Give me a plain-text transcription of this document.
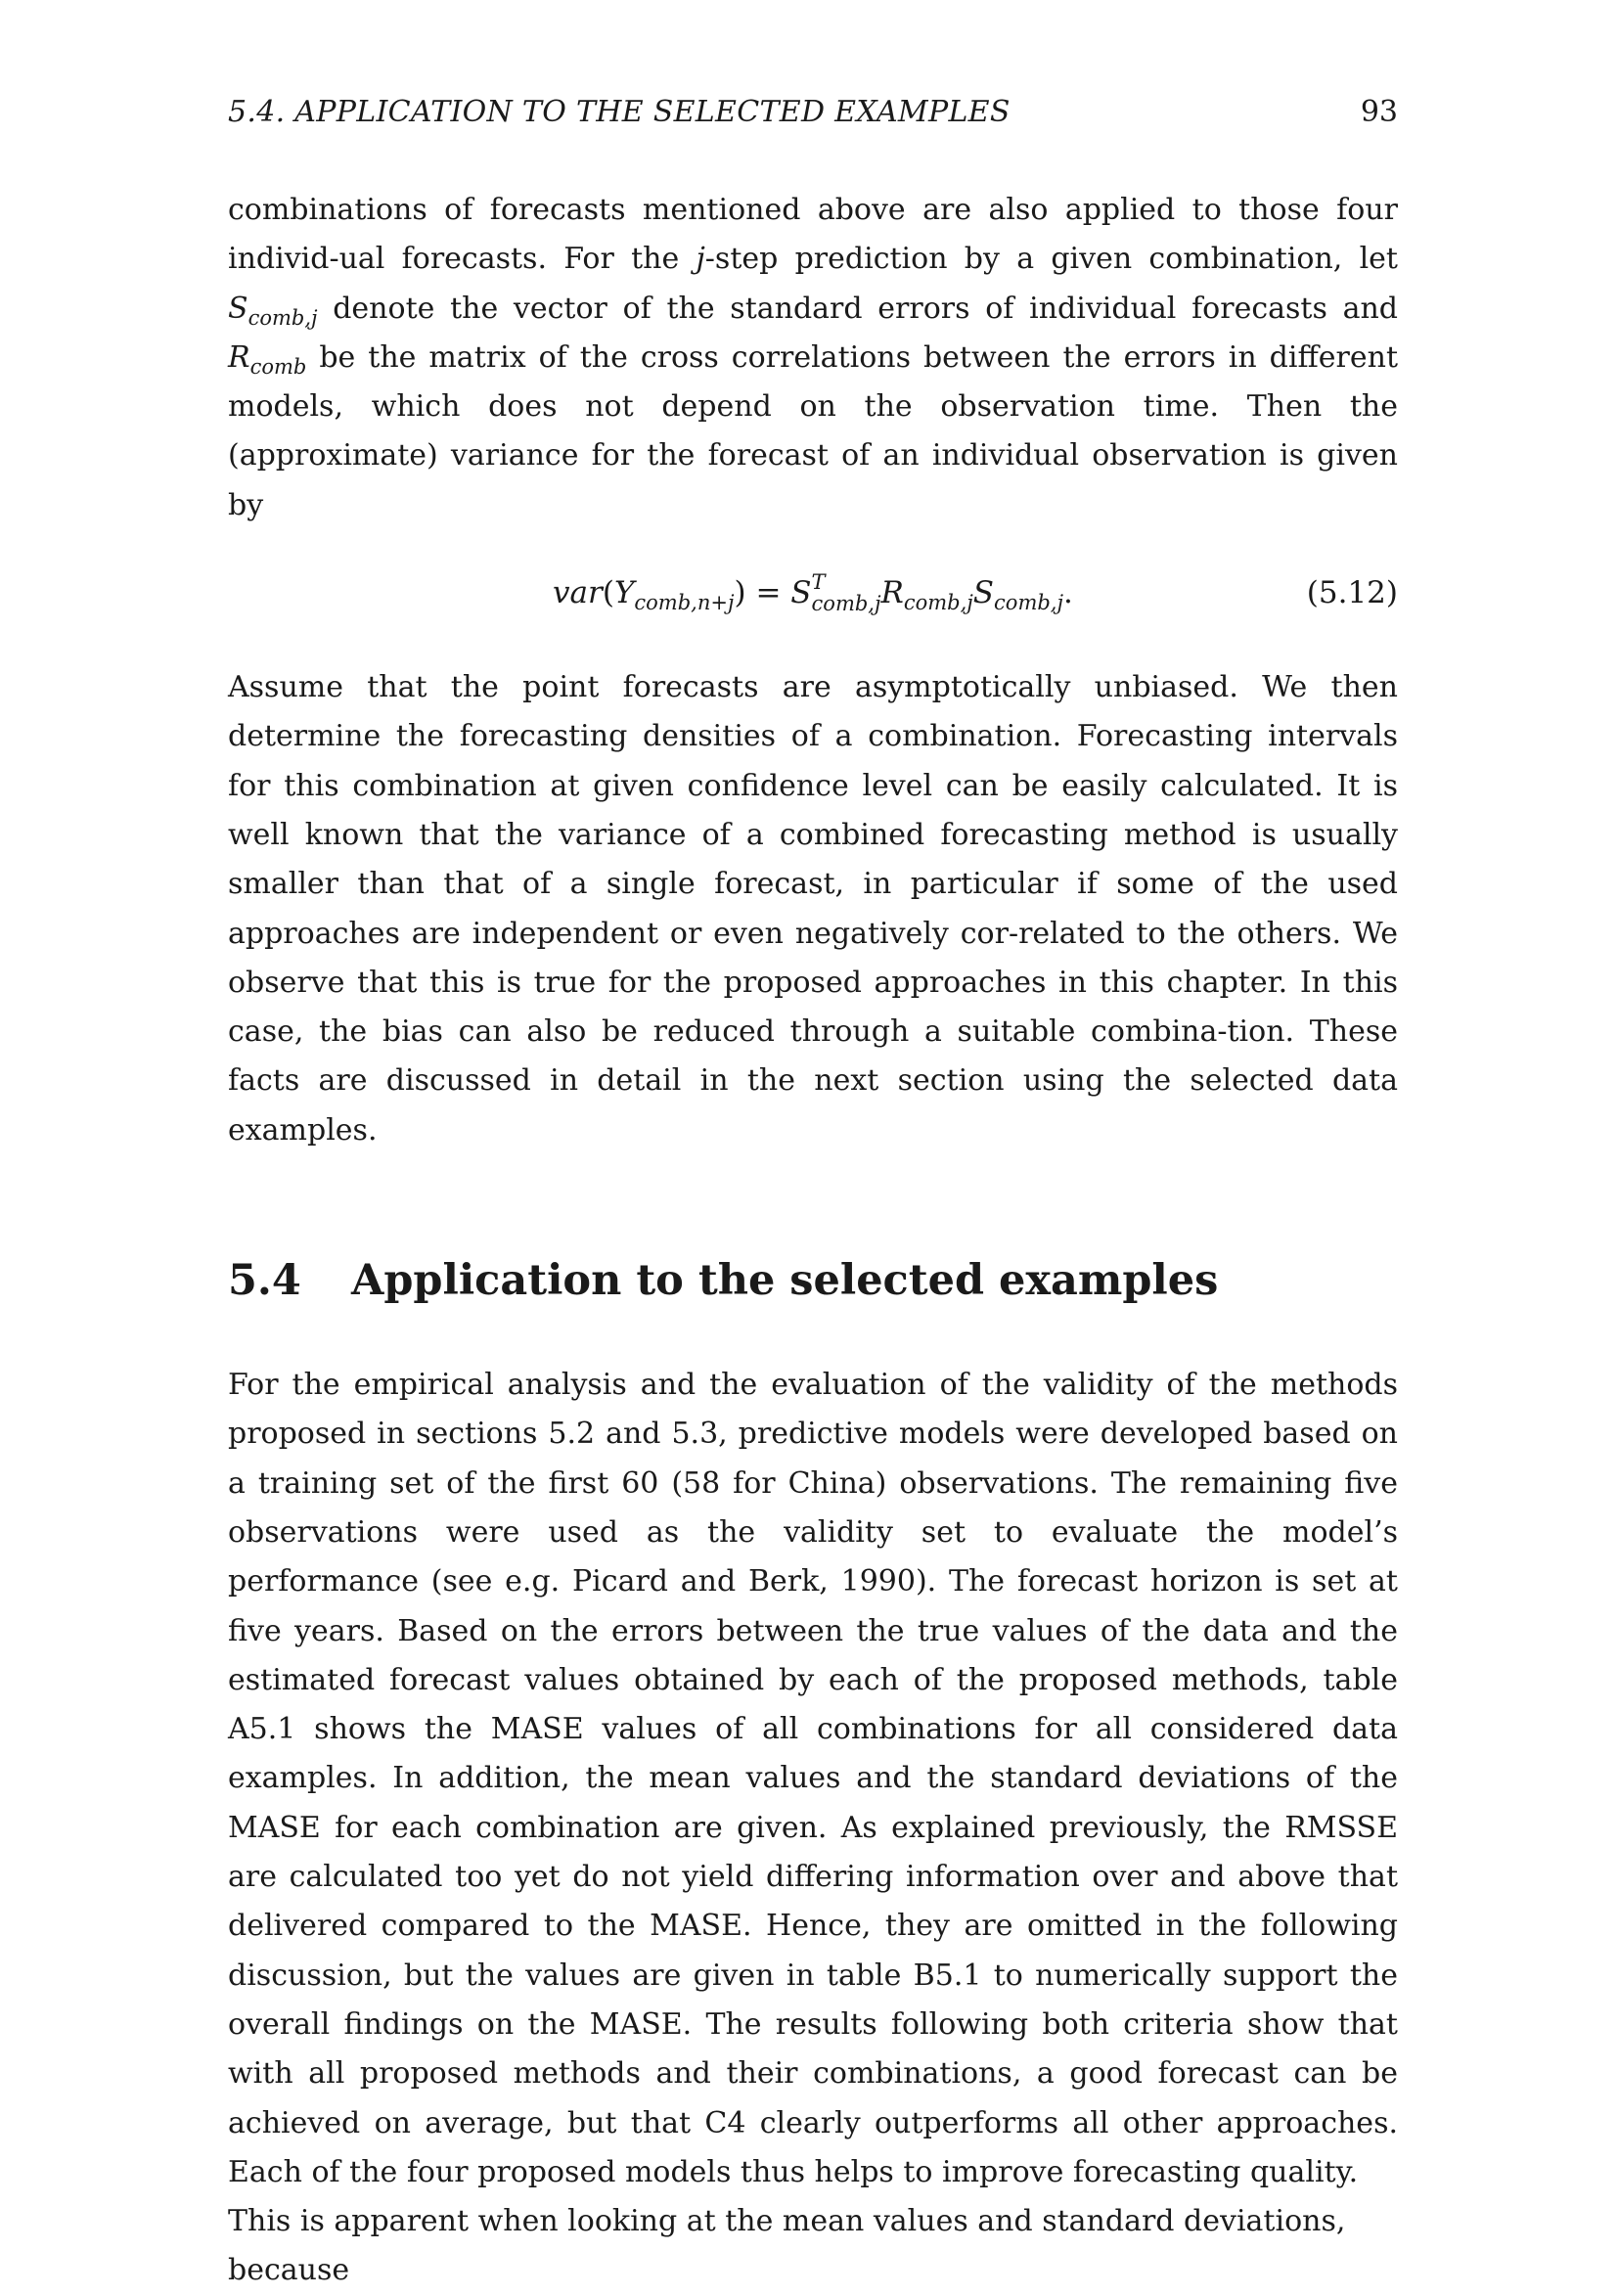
5.4. APPLICATION TO THE SELECTED EXAMPLES	93

combinations of forecasts mentioned above are also applied to those four individ-ual forecasts. For the j-step prediction by a given combination, let $S_{comb,j}$ denote the vector of the standard errors of individual forecasts and $R_{comb}$ be the matrix of the cross correlations between the errors in different models, which does not depend on the observation time. Then the (approximate) variance for the forecast of an individual observation is given by

$var(Y_{comb,n+j}) = S$ T
comb,j $R_{comb,j}S_{comb,j}$.	(5.12)

Assume that the point forecasts are asymptotically unbiased. We then determine the forecasting densities of a combination. Forecasting intervals for this combination at given confidence level can be easily calculated. It is well known that the variance of a combined forecasting method is usually smaller than that of a single forecast, in particular if some of the used approaches are independent or even negatively cor-related to the others. We observe that this is true for the proposed approaches in this chapter. In this case, the bias can also be reduced through a suitable combina-tion. These facts are discussed in detail in the next section using the selected data examples.

5.4	Application to the selected examples

For the empirical analysis and the evaluation of the validity of the methods proposed in sections 5.2 and 5.3, predictive models were developed based on a training set of the first 60 (58 for China) observations. The remaining five observations were used as the validity set to evaluate the model’s performance (see e.g. Picard and Berk, 1990). The forecast horizon is set at five years. Based on the errors between the true values of the data and the estimated forecast values obtained by each of the proposed methods, table A5.1 shows the MASE values of all combinations for all considered data examples. In addition, the mean values and the standard deviations of the MASE for each combination are given. As explained previously, the RMSSE are calculated too yet do not yield differing information over and above that delivered compared to the MASE. Hence, they are omitted in the following discussion, but the values are given in table B5.1 to numerically support the overall findings on the MASE. The results following both criteria show that with all proposed methods and their combinations, a good forecast can be achieved on average, but that C4 clearly outperforms all other approaches. Each of the four proposed models thus helps to improve forecasting quality.

This is apparent when looking at the mean values and standard deviations, because
